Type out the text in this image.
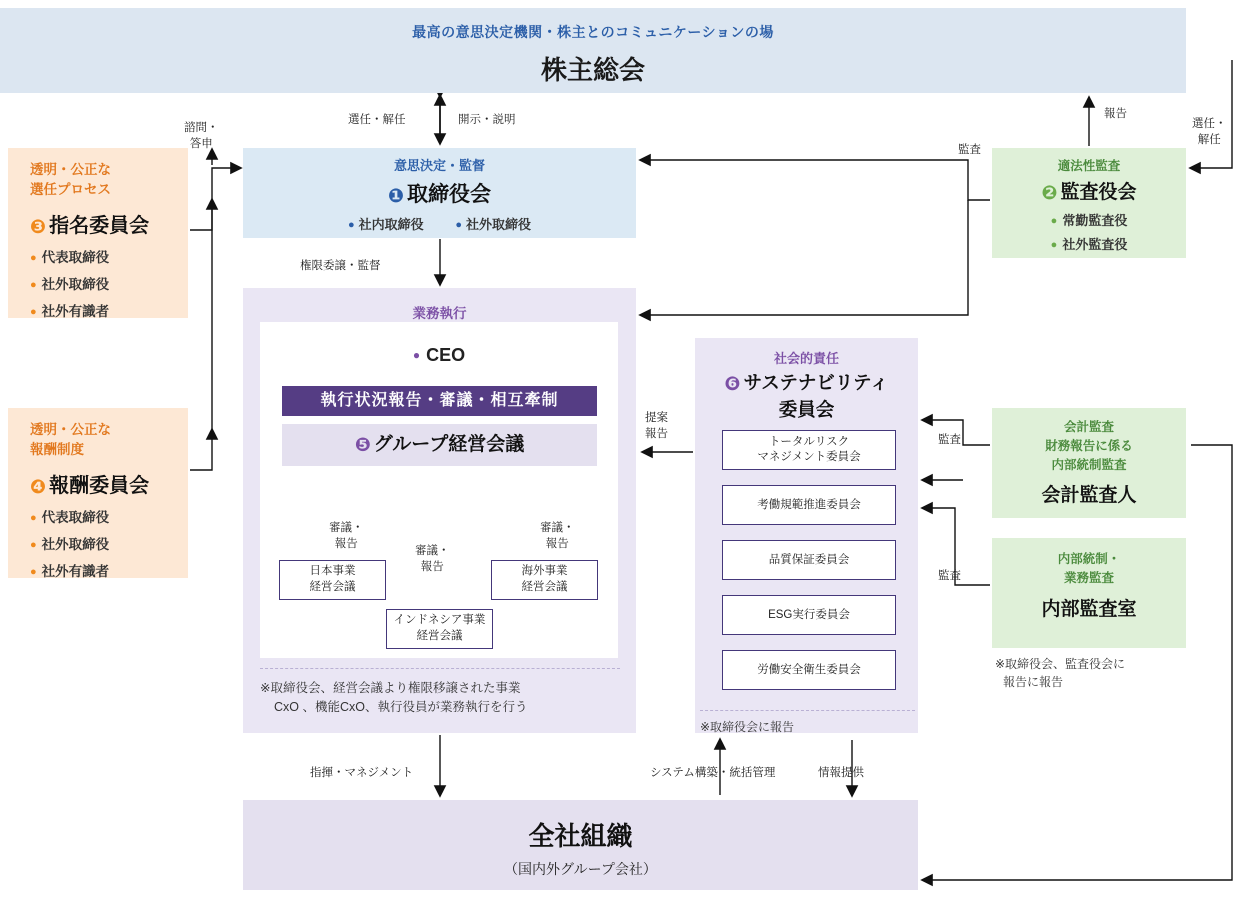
最高の意思決定機関・株主とのコミュニケーションの場
株主総会
意思決定・監督
❶ 取締役会
● 社内取締役	● 社外取締役
適法性監査
❷ 監査役会
● 常勤監査役
● 社外監査役
透明・公正な
選任プロセス
❸ 指名委員会
● 代表取締役
● 社外取締役
● 社外有識者
透明・公正な
報酬制度
❹ 報酬委員会
● 代表取締役
● 社外取締役
● 社外有識者
業務執行
● CEO
執行状況報告・審議・相互牽制
❺ グループ経営会議
日本事業
経営会議
海外事業
経営会議
インドネシア事業
経営会議
※取締役会、経営会議より権限移譲された事業
CxO 、機能CxO、執行役員が業務執行を行う
社会的責任
❻ サステナビリティ
委員会
トータルリスク
マネジメント委員会
考働規範推進委員会
品質保証委員会
ESG実行委員会
労働安全衛生委員会
※取締役会に報告
会計監査
財務報告に係る
内部統制監査
会計監査人
内部統制・
業務監査
内部監査室
※取締役会、監査役会に
報告に報告
全社組織
（国内外グループ会社）
選任・解任	開示・説明
諮問・
答申
報告
選任・
解任
監査
監査
監査
権限委譲・監督
提案
報告
審議・
報告
審議・
報告
審議・
報告
指揮・マネジメント	システム構築・統括管理	情報提供
